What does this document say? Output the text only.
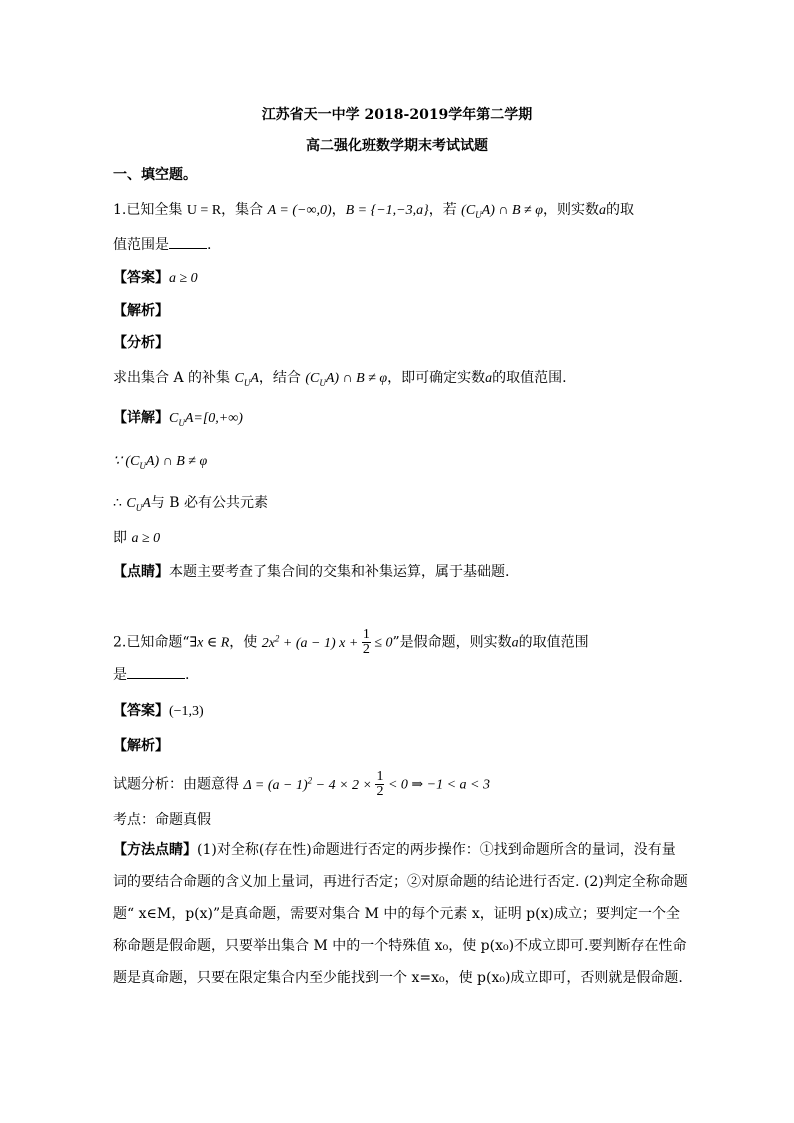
江苏省天一中学 2018-2019学年第二学期
高二强化班数学期末考试试题
一、填空题。
1.已知全集 U = R，集合 A = (−∞,0)，B = {−1,−3,a}，若 $(C_UA)$ ∩ B ≠ φ，则实数a的取
值范围是	.
【答案】a ≥ 0
【解析】
【分析】
求出集合 A 的补集 $C_UA$，结合 $(C_UA)$ ∩ B ≠ φ，即可确定实数a的取值范围.
【详解】$C_UA=[0,+\infty)$
∵ $(C_UA)$ ∩ B ≠ φ
∴ $C_UA$与 B 必有公共元素
即 a ≥ 0
【点睛】本题主要考查了集合间的交集和补集运算，属于基础题.
2.已知命题“∃x ∈ R，使 $2x^2 + (a - 1) x + \frac{1}{2} \le 0$”是假命题，则实数a的取值范围
是	.
【答案】(−1,3)
【解析】
试题分析：由题意得 $\Delta = (a - 1)^2 - 4 \times 2 \times \frac{1}{2} < 0$ ⇒ −1 < a < 3
考点：命题真假
【方法点睛】(1)对全称(存在性)命题进行否定的两步操作：①找到命题所含的量词，没有量
词的要结合命题的含义加上量词，再进行否定；②对原命题的结论进行否定. (2)判定全称命题
题“ x∈M，p(x)”是真命题，需要对集合 M 中的每个元素 x，证明 p(x)成立；要判定一个全
称命题是假命题，只要举出集合 M 中的一个特殊值 x₀，使 p(x₀)不成立即可.要判断存在性命
题是真命题，只要在限定集合内至少能找到一个 x=x₀，使 p(x₀)成立即可，否则就是假命题.
